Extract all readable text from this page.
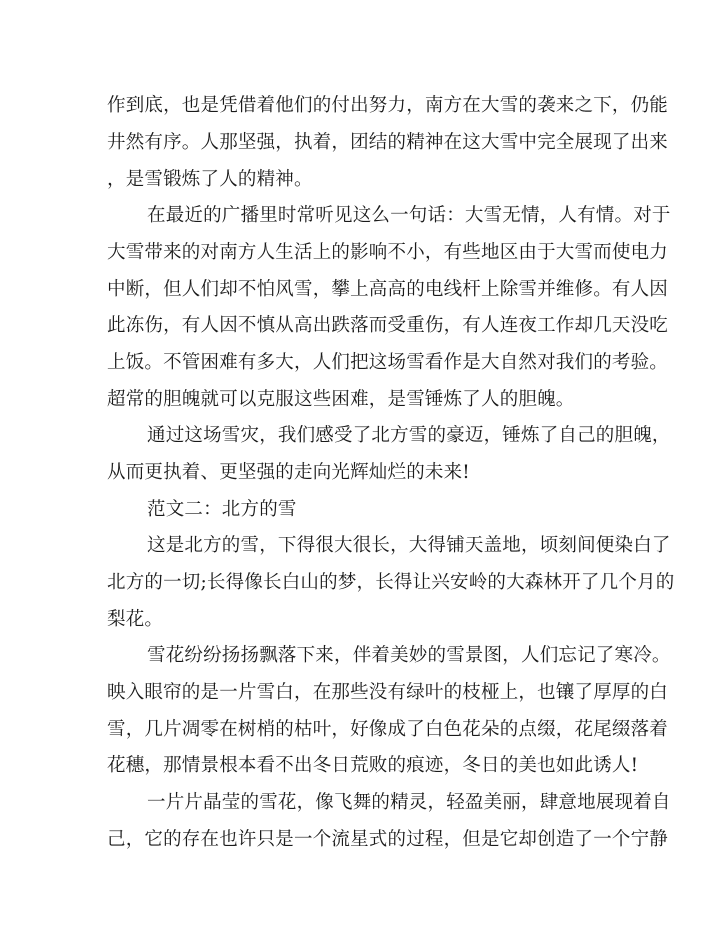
作到底，也是凭借着他们的付出努力，南方在大雪的袭来之下，仍能
井然有序。人那坚强，执着，团结的精神在这大雪中完全展现了出来
，是雪锻炼了人的精神。
在最近的广播里时常听见这么一句话：大雪无情，人有情。对于
大雪带来的对南方人生活上的影响不小，有些地区由于大雪而使电力
中断，但人们却不怕风雪，攀上高高的电线杆上除雪并维修。有人因
此冻伤，有人因不慎从高出跌落而受重伤，有人连夜工作却几天没吃
上饭。不管困难有多大，人们把这场雪看作是大自然对我们的考验。
超常的胆魄就可以克服这些困难，是雪锤炼了人的胆魄。
通过这场雪灾，我们感受了北方雪的豪迈，锤炼了自己的胆魄，
从而更执着、更坚强的走向光辉灿烂的未来!
范文二：北方的雪
这是北方的雪，下得很大很长，大得铺天盖地，顷刻间便染白了
北方的一切;长得像长白山的梦，长得让兴安岭的大森林开了几个月的
梨花。
雪花纷纷扬扬飘落下来，伴着美妙的雪景图，人们忘记了寒冷。
映入眼帘的是一片雪白，在那些没有绿叶的枝桠上，也镶了厚厚的白
雪，几片凋零在树梢的枯叶，好像成了白色花朵的点缀，花尾缀落着
花穗，那情景根本看不出冬日荒败的痕迹，冬日的美也如此诱人!
一片片晶莹的雪花，像飞舞的精灵，轻盈美丽，肆意地展现着自
己，它的存在也许只是一个流星式的过程，但是它却创造了一个宁静
